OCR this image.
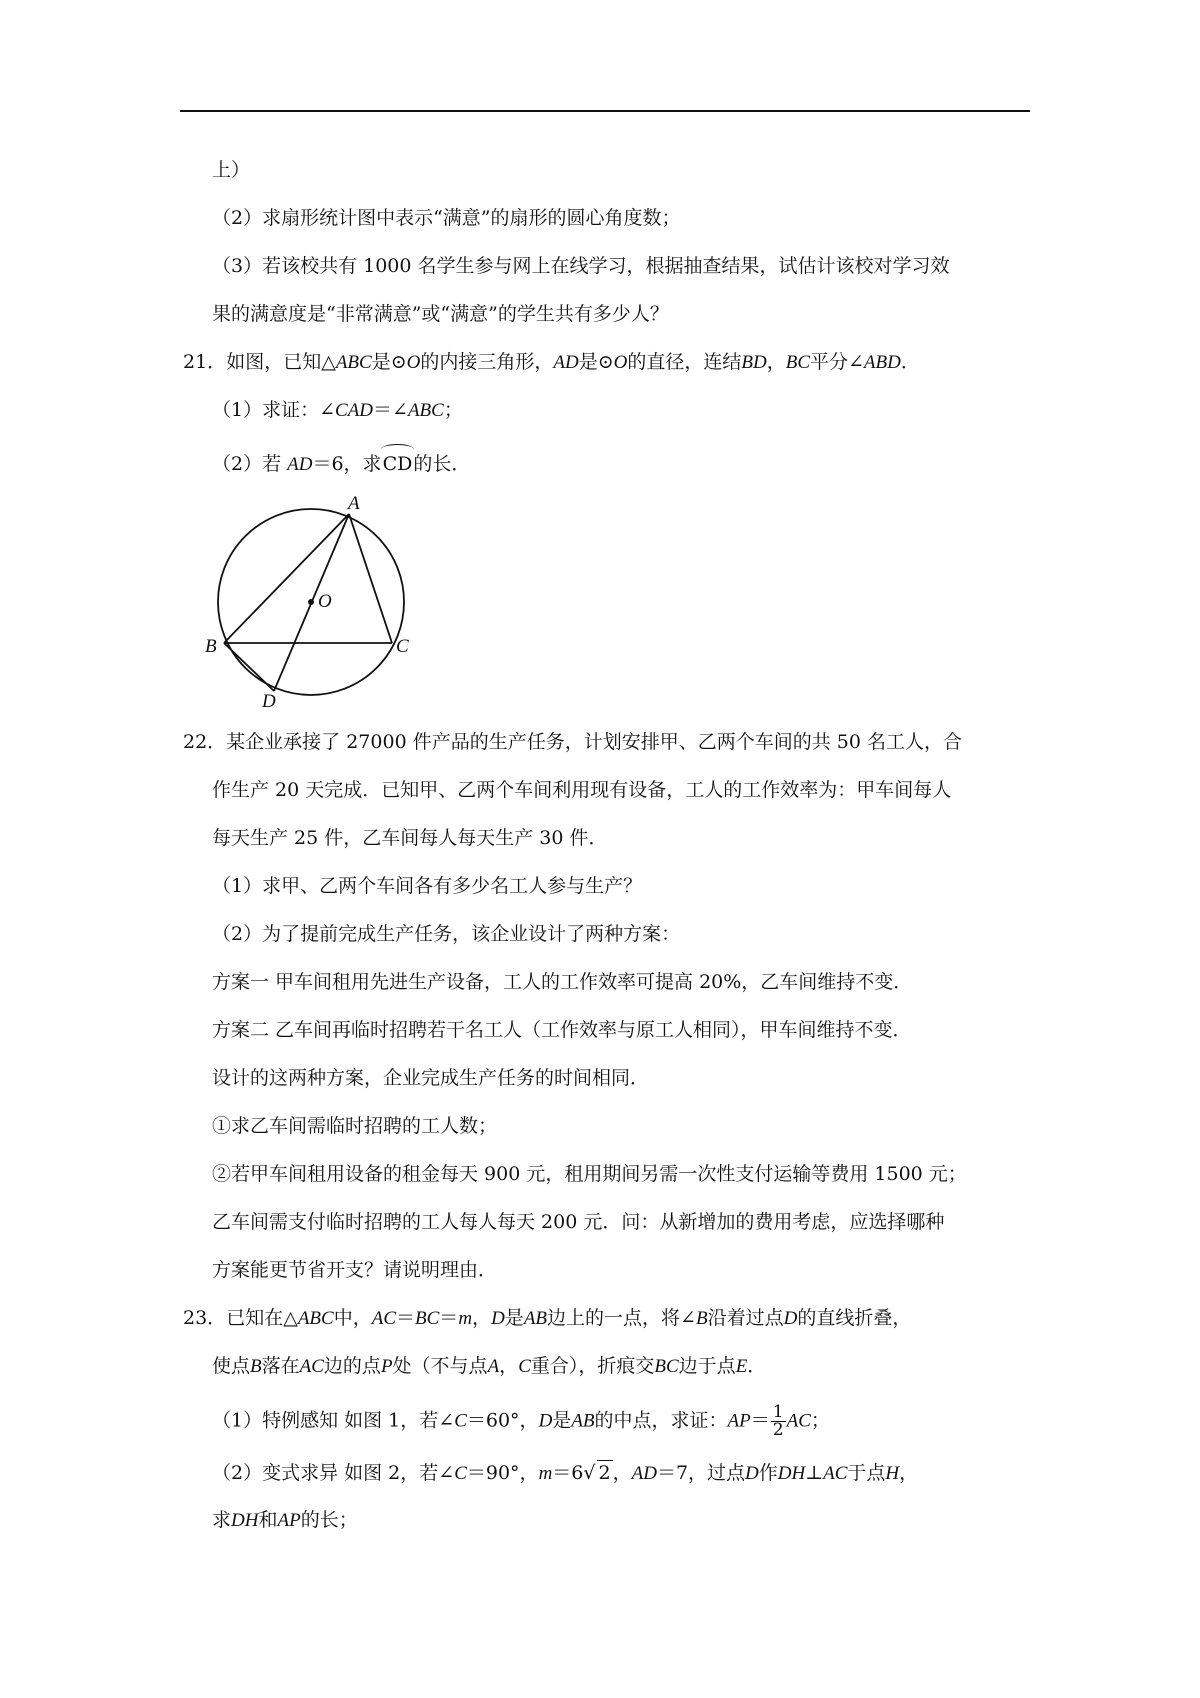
上）
（2）求扇形统计图中表示“满意”的扇形的圆心角度数；
（3）若该校共有 1000 名学生参与网上在线学习，根据抽查结果，试估计该校对学习效
果的满意度是“非常满意”或“满意”的学生共有多少人？
21．如图，已知△ABC是⊙O的内接三角形，AD是⊙O的直径，连结BD，BC平分∠ABD．
（1）求证：∠CAD＝∠ABC；
（2）若 AD＝6，求CD的长．
A
O
B	C
D
22．某企业承接了 27000 件产品的生产任务，计划安排甲、乙两个车间的共 50 名工人，合
作生产 20 天完成．已知甲、乙两个车间利用现有设备，工人的工作效率为：甲车间每人
每天生产 25 件，乙车间每人每天生产 30 件．
（1）求甲、乙两个车间各有多少名工人参与生产？
（2）为了提前完成生产任务，该企业设计了两种方案：
方案一 甲车间租用先进生产设备，工人的工作效率可提高 20%，乙车间维持不变．
方案二 乙车间再临时招聘若干名工人（工作效率与原工人相同），甲车间维持不变．
设计的这两种方案，企业完成生产任务的时间相同．
①求乙车间需临时招聘的工人数；
②若甲车间租用设备的租金每天 900 元，租用期间另需一次性支付运输等费用 1500 元；
乙车间需支付临时招聘的工人每人每天 200 元．问：从新增加的费用考虑，应选择哪种
方案能更节省开支？请说明理由．
23．已知在△ABC中，AC＝BC＝m，D是AB边上的一点，将∠B沿着过点D的直线折叠，
使点B落在AC边的点P处（不与点A，C重合），折痕交BC边于点E．
（1）特例感知 如图 1，若∠C＝60°，D是AB的中点，求证：$AP= \frac{1}{2}$ AC；
（2）变式求异 如图 2，若∠C＝90°，m＝6√ 2 ，AD＝7，过点D作DH⊥AC于点H，
求DH和AP的长；
